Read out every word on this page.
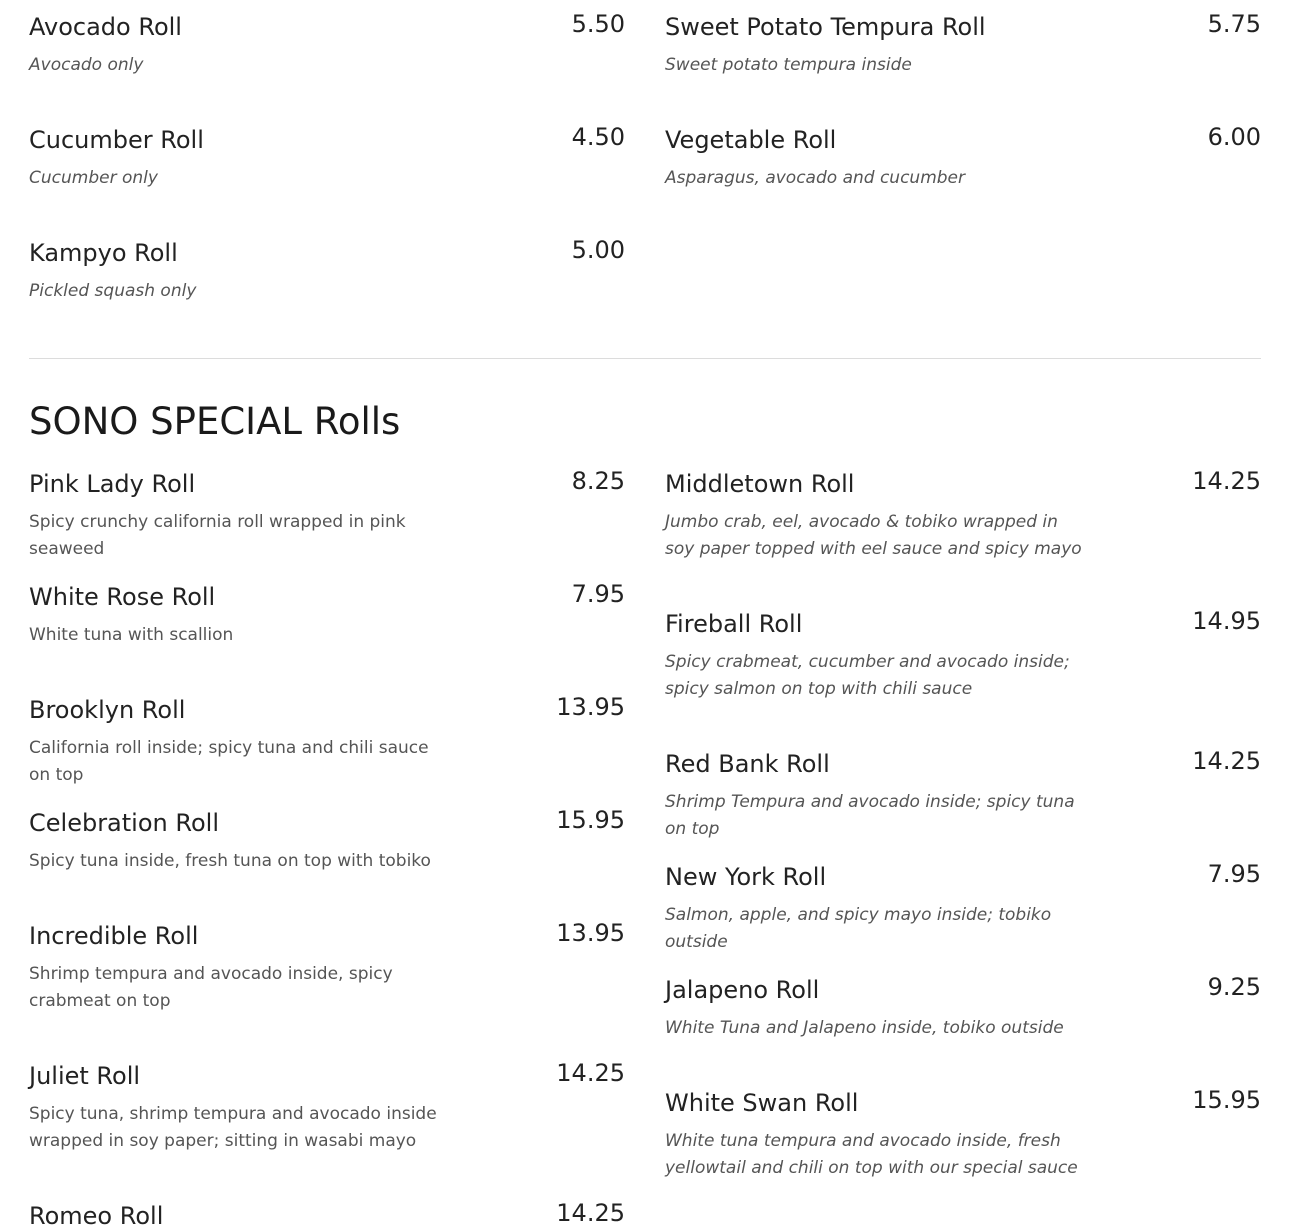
Avocado Roll	5.50
Avocado only
Cucumber Roll	4.50
Cucumber only
Kampyo Roll	5.00
Pickled squash only
Sweet Potato Tempura Roll	5.75
Sweet potato tempura inside
Vegetable Roll	6.00
Asparagus, avocado and cucumber
SONO SPECIAL Rolls
Pink Lady Roll	8.25
Spicy crunchy california roll wrapped in pink seaweed
White Rose Roll	7.95
White tuna with scallion
Brooklyn Roll	13.95
California roll inside; spicy tuna and chili sauce on top
Celebration Roll	15.95
Spicy tuna inside, fresh tuna on top with tobiko
Incredible Roll	13.95
Shrimp tempura and avocado inside, spicy crabmeat on top
Juliet Roll	14.25
Spicy tuna, shrimp tempura and avocado inside wrapped in soy paper; sitting in wasabi mayo
Romeo Roll	14.25
Middletown Roll	14.25
Jumbo crab, eel, avocado & tobiko wrapped in soy paper topped with eel sauce and spicy mayo
Fireball Roll	14.95
Spicy crabmeat, cucumber and avocado inside; spicy salmon on top with chili sauce
Red Bank Roll	14.25
Shrimp Tempura and avocado inside; spicy tuna on top
New York Roll	7.95
Salmon, apple, and spicy mayo inside; tobiko outside
Jalapeno Roll	9.25
White Tuna and Jalapeno inside, tobiko outside
White Swan Roll	15.95
White tuna tempura and avocado inside, fresh yellowtail and chili on top with our special sauce
